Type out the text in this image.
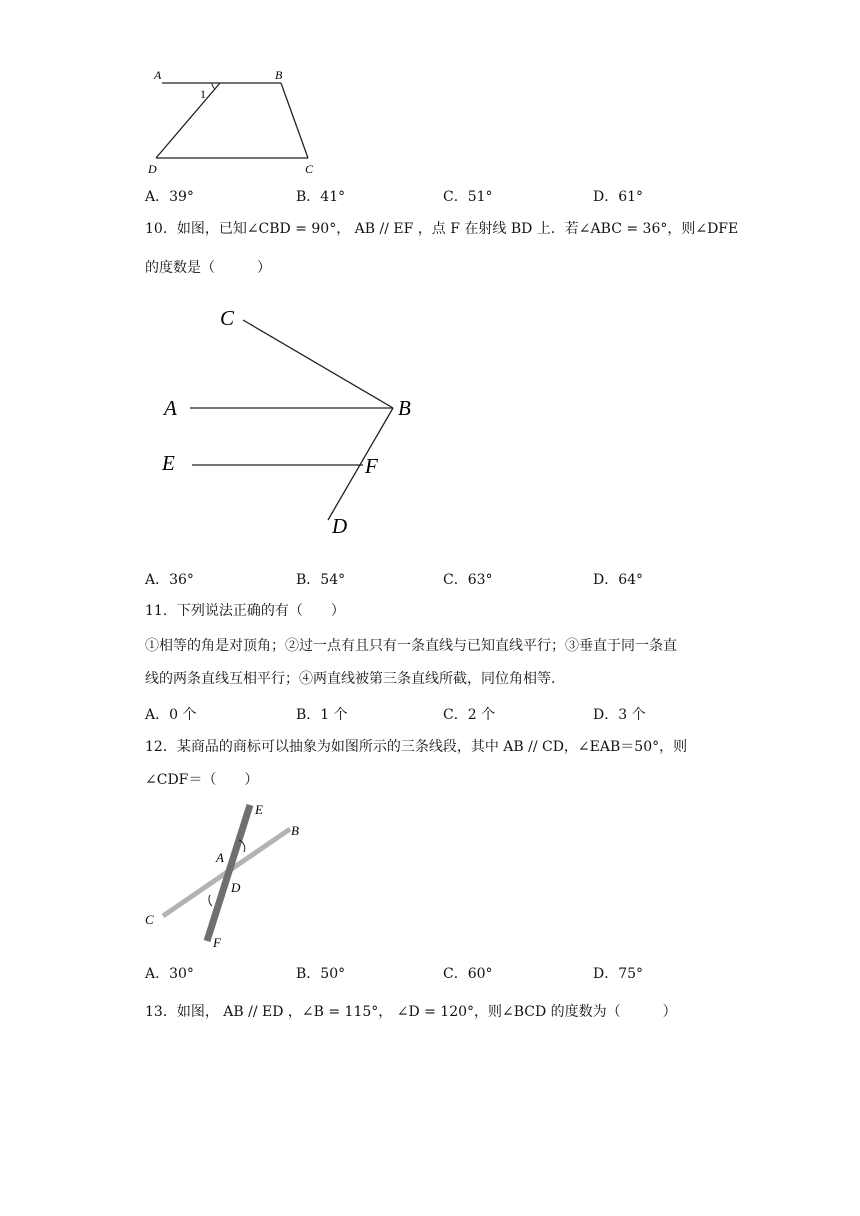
A	B
1
D	C
A．39°	B．41°	C．51°	D．61°
10．如图，已知∠CBD = 90°， AB // EF ，点 F 在射线 BD 上．若∠ABC = 36°，则∠DFE
的度数是（　　　）
C
A	B
E	F
D
A．36°	B．54°	C．63°	D．64°
11．下列说法正确的有（　　）
①相等的角是对顶角；②过一点有且只有一条直线与已知直线平行；③垂直于同一条直
线的两条直线互相平行；④两直线被第三条直线所截，同位角相等．
A．0 个	B．1 个	C．2 个	D．3 个
12．某商品的商标可以抽象为如图所示的三条线段，其中 AB // CD，∠EAB＝50°，则
∠CDF＝（　　）
E
B
A
D
C
F
A．30°	B．50°	C．60°	D．75°
13．如图， AB // ED ，∠B = 115°， ∠D = 120°，则∠BCD 的度数为（　　　）
